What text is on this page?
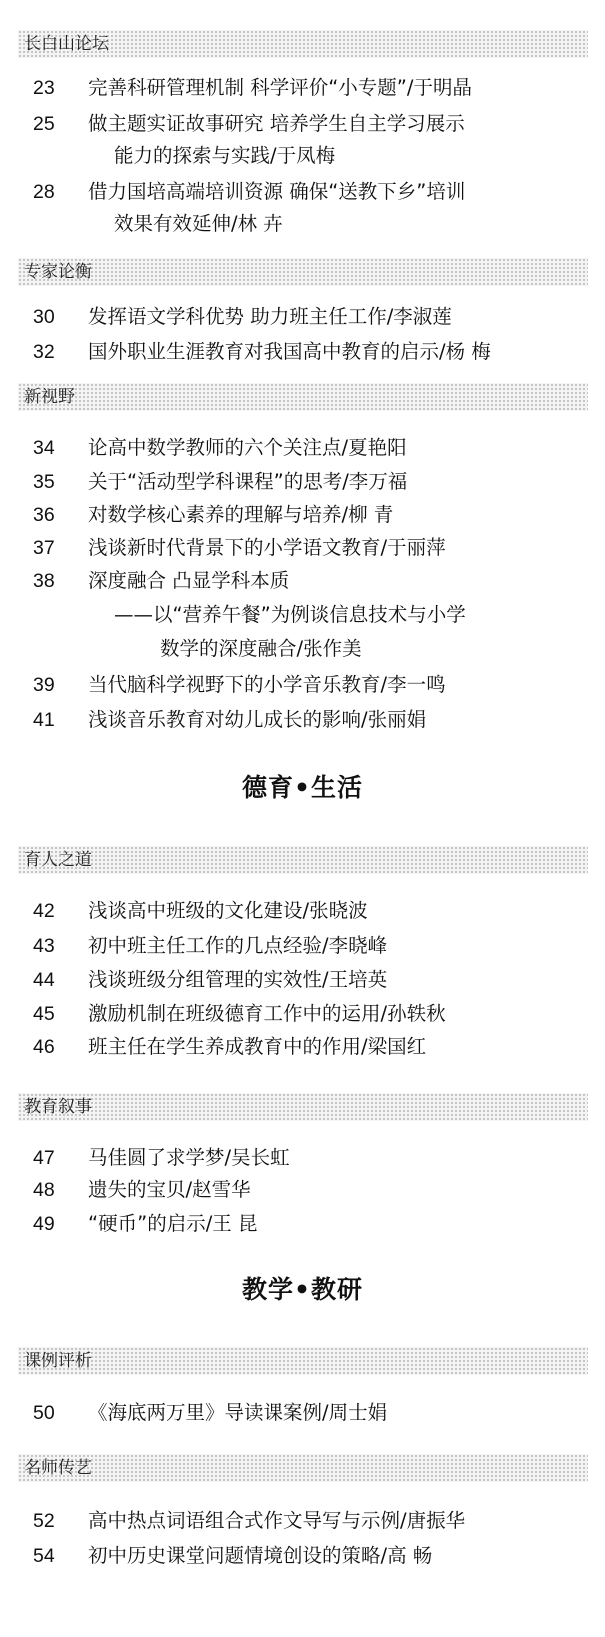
长白山论坛
23	完善科研管理机制 科学评价“小专题”/于明晶
25	做主题实证故事研究 培养学生自主学习展示
能力的探索与实践/于凤梅
28	借力国培高端培训资源 确保“送教下乡”培训
效果有效延伸/林 卉
专家论衡
30	发挥语文学科优势 助力班主任工作/李淑莲
32	国外职业生涯教育对我国高中教育的启示/杨 梅
新视野
34	论高中数学教师的六个关注点/夏艳阳
35	关于“活动型学科课程”的思考/李万福
36	对数学核心素养的理解与培养/柳 青
37	浅谈新时代背景下的小学语文教育/于丽萍
38	深度融合 凸显学科本质
——以“营养午餐”为例谈信息技术与小学
数学的深度融合/张作美
39	当代脑科学视野下的小学音乐教育/李一鸣
41	浅谈音乐教育对幼儿成长的影响/张丽娟
德育•生活
育人之道
42	浅谈高中班级的文化建设/张晓波
43	初中班主任工作的几点经验/李晓峰
44	浅谈班级分组管理的实效性/王培英
45	激励机制在班级德育工作中的运用/孙轶秋
46	班主任在学生养成教育中的作用/梁国红
教育叙事
47	马佳圆了求学梦/吴长虹
48	遗失的宝贝/赵雪华
49	“硬币”的启示/王 昆
教学•教研
课例评析
50	《海底两万里》导读课案例/周士娟
名师传艺
52	高中热点词语组合式作文导写与示例/唐振华
54	初中历史课堂问题情境创设的策略/高 畅
